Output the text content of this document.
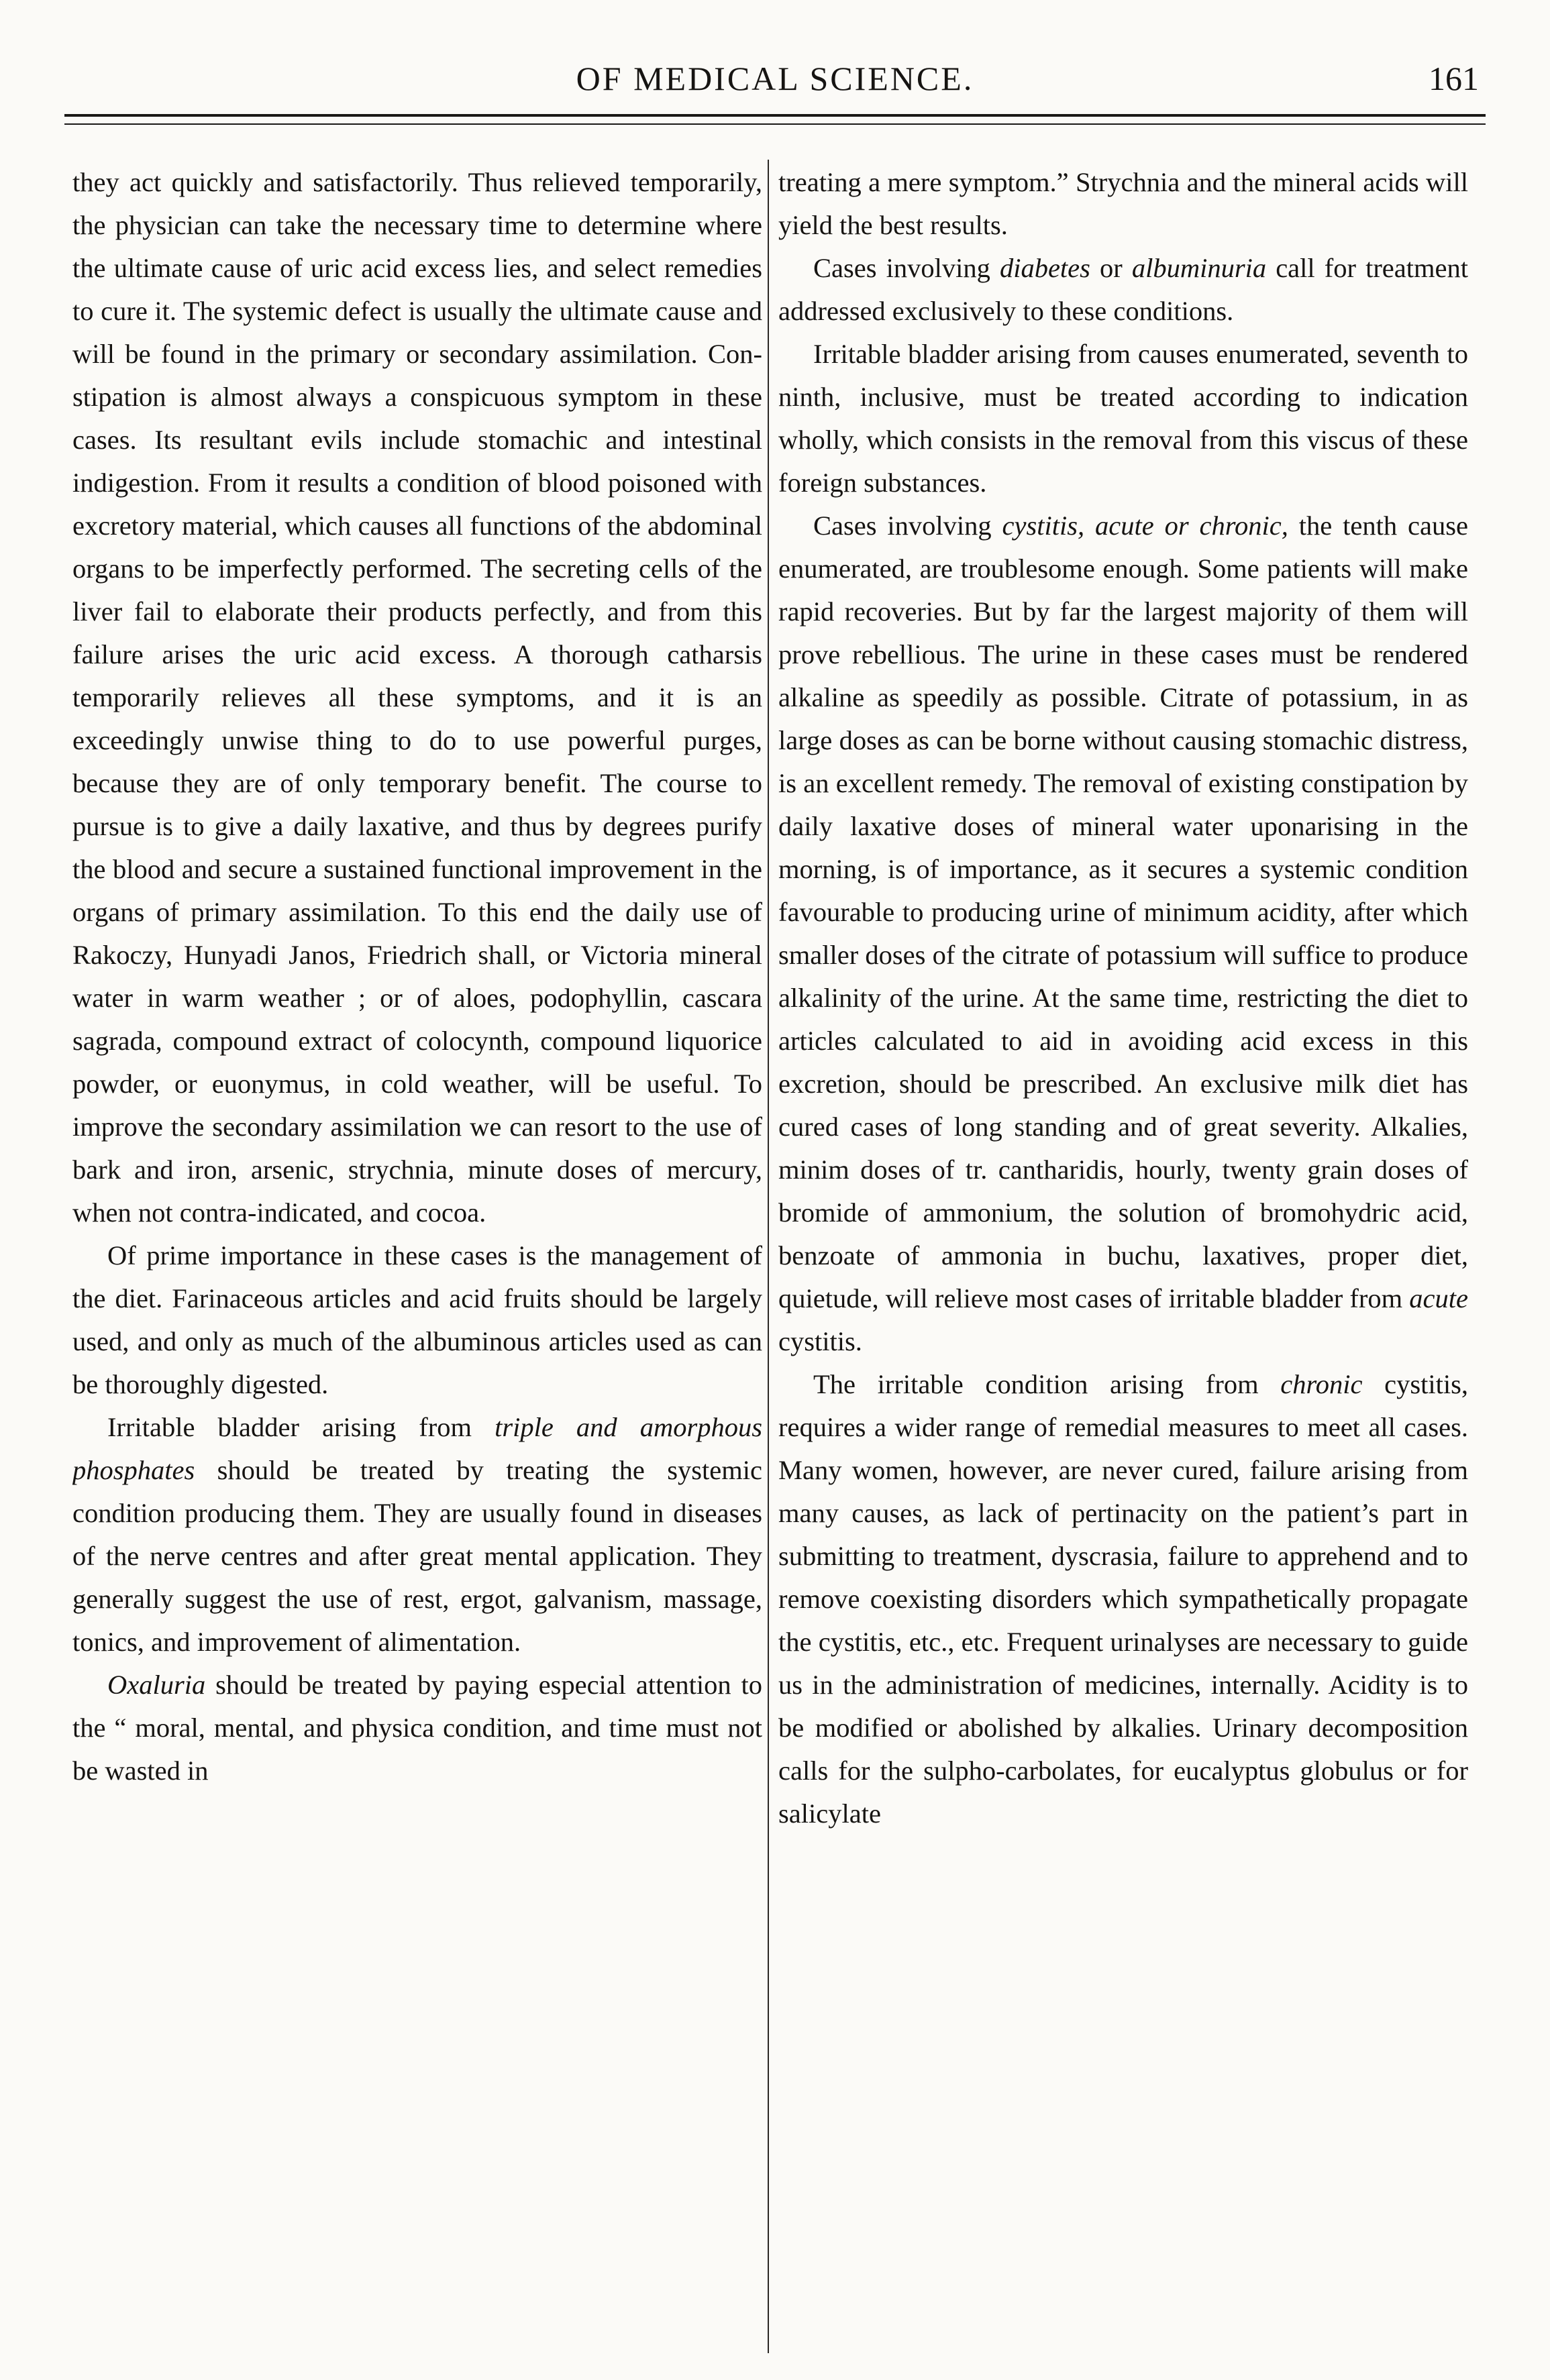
OF MEDICAL SCIENCE.	161

they act quickly and satisfactorily. Thus relieved temporarily, the physician can take the necessary time to determine where the ultimate cause of uric acid excess lies, and select remedies to cure it. The systemic defect is usually the ultimate cause and will be found in the primary or secondary assimilation. Constipation is almost always a conspicuous symptom in these cases. Its resultant evils include stomachic and intestinal indigestion. From it results a condition of blood poisoned with excretory material, which causes all functions of the abdominal organs to be imperfectly performed. The secreting cells of the liver fail to elaborate their products perfectly, and from this failure arises the uric acid excess. A thorough catharsis temporarily relieves all these symptoms, and it is an exceedingly unwise thing to do to use powerful purges, because they are of only temporary benefit. The course to pursue is to give a daily laxative, and thus by degrees purify the blood and secure a sustained functional improvement in the organs of primary assimilation. To this end the daily use of Rakoczy, Hunyadi Janos, Friedrich shall, or Victoria mineral water in warm weather ; or of aloes, podophyllin, cascara sagrada, compound extract of colocynth, compound liquorice powder, or euonymus, in cold weather, will be useful. To improve the secondary assimilation we can resort to the use of bark and iron, arsenic, strychnia, minute doses of mercury, when not contra-indicated, and cocoa.

Of prime importance in these cases is the management of the diet. Farinaceous articles and acid fruits should be largely used, and only as much of the albuminous articles used as can be thoroughly digested.

Irritable bladder arising from triple and amorphous phosphates should be treated by treating the systemic condition producing them. They are usually found in diseases of the nerve centres and after great mental application. They generally suggest the use of rest, ergot, galvanism, massage, tonics, and improvement of alimentation.

Oxaluria should be treated by paying especial attention to the “ moral, mental, and physica condition, and time must not be wasted in

treating a mere symptom.” Strychnia and the mineral acids will yield the best results.

Cases involving diabetes or albuminuria call for treatment addressed exclusively to these conditions.

Irritable bladder arising from causes enumerated, seventh to ninth, inclusive, must be treated according to indication wholly, which consists in the removal from this viscus of these foreign substances.

Cases involving cystitis, acute or chronic, the tenth cause enumerated, are troublesome enough. Some patients will make rapid recoveries. But by far the largest majority of them will prove rebellious. The urine in these cases must be rendered alkaline as speedily as possible. Citrate of potassium, in as large doses as can be borne without causing stomachic distress, is an excellent remedy. The removal of existing constipation by daily laxative doses of mineral water uponarising in the morning, is of importance, as it secures a systemic condition favourable to producing urine of minimum acidity, after which smaller doses of the citrate of potassium will suffice to produce alkalinity of the urine. At the same time, restricting the diet to articles calculated to aid in avoiding acid excess in this excretion, should be prescribed. An exclusive milk diet has cured cases of long standing and of great severity. Alkalies, minim doses of tr. cantharidis, hourly, twenty grain doses of bromide of ammonium, the solution of bromohydric acid, benzoate of ammonia in buchu, laxatives, proper diet, quietude, will relieve most cases of irritable bladder from acute cystitis.

The irritable condition arising from chronic cystitis, requires a wider range of remedial measures to meet all cases. Many women, however, are never cured, failure arising from many causes, as lack of pertinacity on the patient’s part in submitting to treatment, dyscrasia, failure to apprehend and to remove coexisting disorders which sympathetically propagate the cystitis, etc., etc. Frequent urinalyses are necessary to guide us in the administration of medicines, internally. Acidity is to be modified or abolished by alkalies. Urinary decomposition calls for the sulpho-carbolates, for eucalyptus globulus or for salicylate
